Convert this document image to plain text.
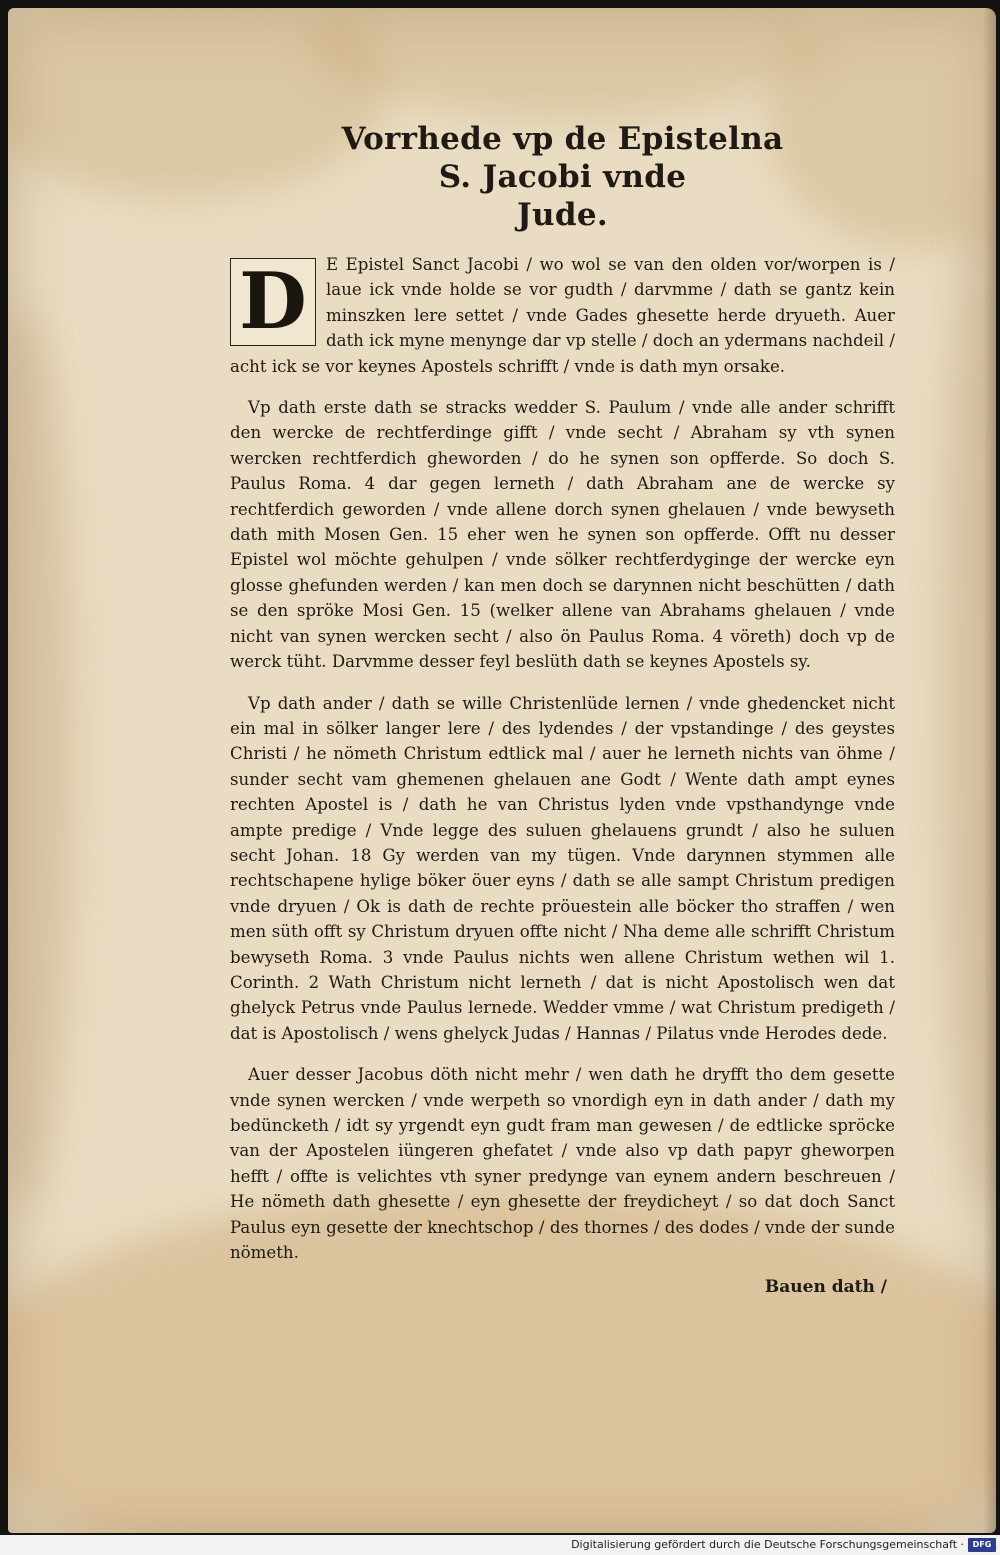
Vorrhede vp de Epistelna
S. Jacobi vnde
Jude.
D E Epistel Sanct Jacobi / wo wol se van den olden vor/worpen is / laue ick vnde holde se vor gudth / darvmme / dath se gantz kein minszken lere settet / vnde Gades ghesette herde dryueth. Auer dath ick myne menynge dar vp stelle / doch an ydermans nachdeil / acht ick se vor keynes Apostels schrifft / vnde is dath myn orsake.

Vp dath erste dath se stracks wedder S. Paulum / vnde alle ander schrifft den wercke de rechtferdinge gifft / vnde secht / Abraham sy vth synen wercken rechtferdich gheworden / do he synen son opfferde. So doch S. Paulus Roma. 4 dar gegen lerneth / dath Abraham ane de wercke sy rechtferdich geworden / vnde allene dorch synen ghelauen / vnde bewyseth dath mith Mosen Gen. 15 eher wen he synen son opfferde. Offt nu desser Epistel wol möchte gehulpen / vnde sölker rechtferdyginge der wercke eyn glosse ghefunden werden / kan men doch se darynnen nicht beschütten / dath se den spröke Mosi Gen. 15 (welker allene van Abrahams ghelauen / vnde nicht van synen wercken secht / also ön Paulus Roma. 4 vöreth) doch vp de werck tüht. Darvmme desser feyl beslüth dath se keynes Apostels sy.

Vp dath ander / dath se wille Christenlüde lernen / vnde ghedencket nicht ein mal in sölker langer lere / des lydendes / der vpstandinge / des geystes Christi / he nömeth Christum edtlick mal / auer he lerneth nichts van öhme / sunder secht vam ghemenen ghelauen ane Godt / Wente dath ampt eynes rechten Apostel is / dath he van Christus lyden vnde vpsthandynge vnde ampte predige / Vnde legge des suluen ghelauens grundt / also he suluen secht Johan. 18 Gy werden van my tügen. Vnde darynnen stymmen alle rechtschapene hylige böker öuer eyns / dath se alle sampt Christum predigen vnde dryuen / Ok is dath de rechte pröuestein alle böcker tho straffen / wen men süth offt sy Christum dryuen offte nicht / Nha deme alle schrifft Christum bewyseth Roma. 3 vnde Paulus nichts wen allene Christum wethen wil 1. Corinth. 2 Wath Christum nicht lerneth / dat is nicht Apostolisch wen dat ghelyck Petrus vnde Paulus lernede. Wedder vmme / wat Christum predigeth / dat is Apostolisch / wens ghelyck Judas / Hannas / Pilatus vnde Herodes dede.

Auer desser Jacobus döth nicht mehr / wen dath he dryfft tho dem gesette vnde synen wercken / vnde werpeth so vnordigh eyn in dath ander / dath my bedüncketh / idt sy yrgendt eyn gudt fram man gewesen / de edtlicke spröcke van der Apostelen iüngeren ghefatet / vnde also vp dath papyr gheworpen hefft / offte is velichtes vth syner predynge van eynem andern beschreuen / He nömeth dath ghesette / eyn ghesette der freydicheyt / so dat doch Sanct Paulus eyn gesette der knechtschop / des thornes / des dodes / vnde der sunde nömeth.

Bauen dath /
Digitalisierung gefördert durch die Deutsche Forschungsgemeinschaft ·	DFG
